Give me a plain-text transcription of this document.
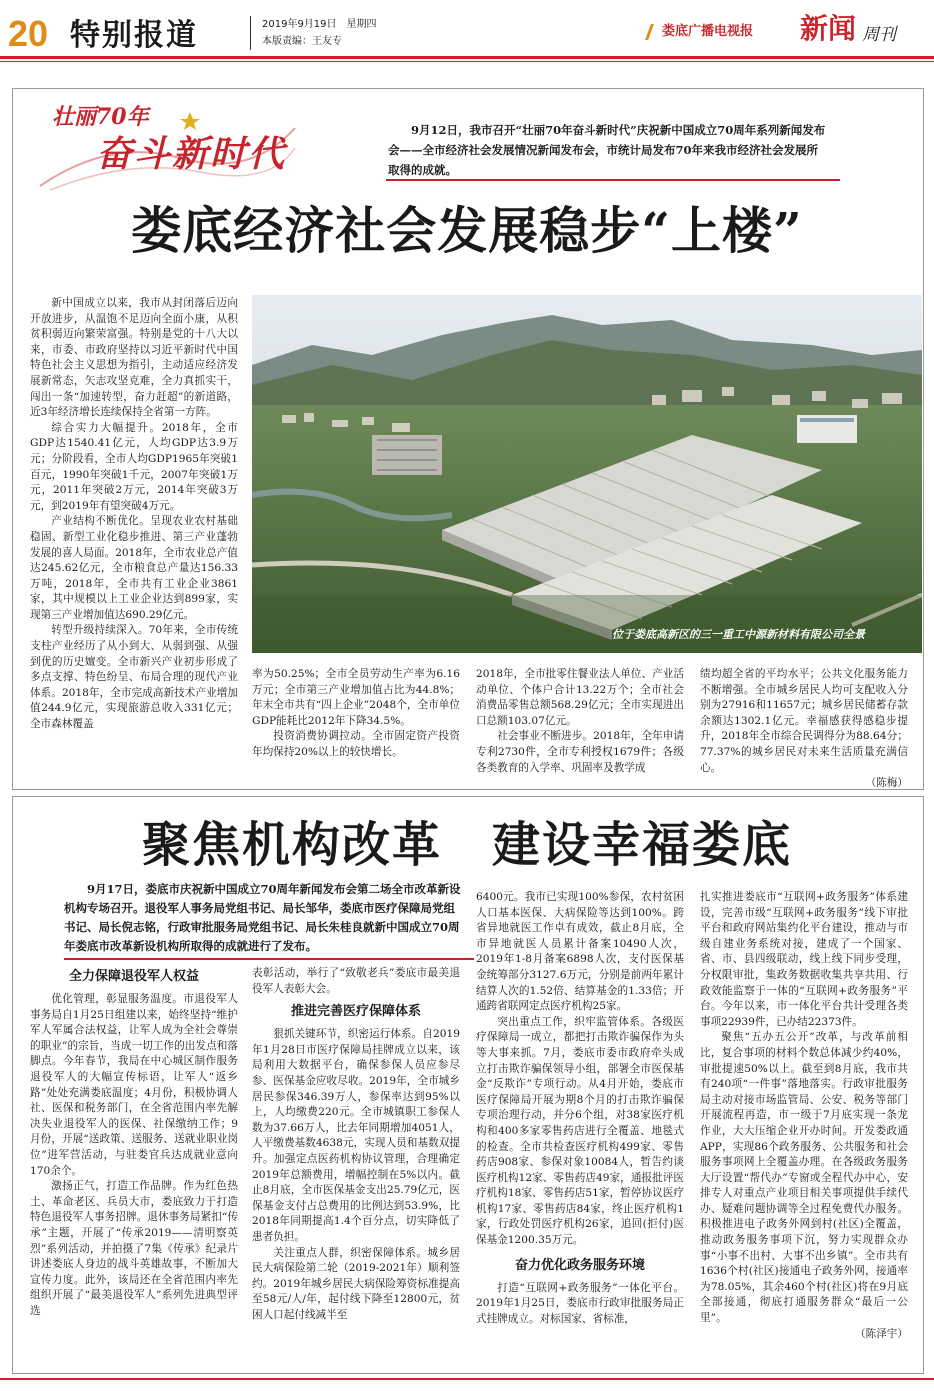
20 特别报道	2019年9月19日　星期四
本版责编：王友专
娄底广播电视报 新闻 周刊
壮丽70年
奋斗新时代
9月12日，我市召开“壮丽70年奋斗新时代”庆祝新中国成立70周年系列新闻发布会——全市经济社会发展情况新闻发布会，市统计局发布70年来我市经济社会发展所取得的成就。
娄底经济社会发展稳步“上楼”
位于娄底高新区的三一重工中源新材料有限公司全景

新中国成立以来，我市从封闭落后迈向开放进步，从温饱不足迈向全面小康，从积贫积弱迈向繁荣富强。特别是党的十八大以来，市委、市政府坚持以习近平新时代中国特色社会主义思想为指引，主动适应经济发展新常态，矢志攻坚克难，全力真抓实干，闯出一条“加速转型，奋力赶超”的新道路，近3年经济增长连续保持全省第一方阵。

综合实力大幅提升。2018年，全市GDP达1540.41亿元，人均GDP达3.9万元；分阶段看，全市人均GDP1965年突破1百元，1990年突破1千元，2007年突破1万元，2011年突破2万元，2014年突破3万元，到2019年有望突破4万元。

产业结构不断优化。呈现农业农村基础稳固、新型工业化稳步推进、第三产业蓬勃发展的喜人局面。2018年，全市农业总产值达245.62亿元，全市粮食总产量达156.33万吨，2018年，全市共有工业企业3861家，其中规模以上工业企业达到899家，实现第三产业增加值达690.29亿元。

转型升级持续深入。70年来，全市传统支柱产业经历了从小到大、从弱到强、从强到优的历史嬗变。全市新兴产业初步形成了多点支撑、特色纷呈、布局合理的现代产业体系。2018年，全市完成高新技术产业增加值244.9亿元，实现旅游总收入331亿元；全市森林覆盖

率为50.25%；全市全员劳动生产率为6.16万元；全市第三产业增加值占比为44.8%；年末全市共有“四上企业”2048个，全市单位GDP能耗比2012年下降34.5%。

投资消费协调拉动。全市固定资产投资年均保持20%以上的较快增长。

2018年，全市批零住餐业法人单位、产业活动单位、个体户合计13.22万个；全市社会消费品零售总额568.29亿元；全市实现进出口总额103.07亿元。

社会事业不断进步。2018年，全年申请专利2730件，全市专利授权1679件；各级各类教育的入学率、巩固率及教学成

绩均超全省的平均水平；公共文化服务能力不断增强。全市城乡居民人均可支配收入分别为27916和11657元；城乡居民储蓄存款余额达1302.1亿元。幸福感获得感稳步提升，2018年全市综合民调得分为88.64分；77.37%的城乡居民对未来生活质量充满信心。

（陈梅）

聚焦机构改革　建设幸福娄底
9月17日，娄底市庆祝新中国成立70周年新闻发布会第二场全市改革新设机构专场召开。退役军人事务局党组书记、局长邹华，娄底市医疗保障局党组书记、局长倪志铭，行政审批服务局党组书记、局长朱桂良就新中国成立70周年娄底市改革新设机构所取得的成就进行了发布。
全力保障退役军人权益

优化管理，彰显服务温度。市退役军人事务局自1月25日组建以来，始终坚持“维护军人军属合法权益，让军人成为全社会尊崇的职业”的宗旨，当成一切工作的出发点和落脚点。今年春节，我局在中心城区制作服务退役军人的大幅宣传标语，让军人“返乡路”处处充满娄底温度；4月份，积极协调人社、医保和税务部门，在全省范围内率先解决失业退役军人的医保、社保缴纳工作；9月份，开展“送政策、送服务、送就业职业岗位”进军营活动，与驻娄官兵达成就业意向170余个。

激扬正气，打造工作品牌。作为红色热土、革命老区、兵员大市，娄底致力于打造特色退役军人事务招牌。退休事务局紧扣“传承”主题，开展了“传承2019——清明察英烈”系列活动，并拍摄了7集《传承》纪录片讲述娄底人身边的战斗英雄故事，不断加大宣传力度。此外，该局还在全省范围内率先组织开展了“最美退役军人”系列先进典型评选

表彰活动，举行了“致敬老兵”娄底市最美退役军人表彰大会。

推进完善医疗保障体系

狠抓关键环节，织密运行体系。自2019年1月28日市医疗保障局挂牌成立以来，该局利用大数据平台，确保参保人员应参尽参、医保基金应收尽收。2019年，全市城乡居民参保346.39万人，参保率达到95%以上，人均缴费220元。全市城镇职工参保人数为37.66万人，比去年同期增加4051人，人平缴费基数4638元，实现人员和基数双提升。加强定点医药机构协议管理，合理确定2019年总额费用，增幅控制在5%以内。截止8月底，全市医保基金支出25.79亿元，医保基金支付占总费用的比例达到53.9%，比2018年同期提高1.4个百分点，切实降低了患者负担。

关注重点人群，织密保障体系。城乡居民大病保险第二轮（2019-2021年）顺利签约。2019年城乡居民大病保险筹资标准提高至58元/人/年，起付线下降至12800元，贫困人口起付线减半至

6400元。我市已实现100%参保，农村贫困人口基本医保、大病保险等达到100%。跨省异地就医工作卓有成效，截止8月底，全市异地就医人员累计备案10490人次，2019年1-8月备案6898人次，支付医保基金统筹部分3127.6万元，分别是前两年累计结算人次的1.52倍、结算基金的1.33倍；开通跨省联网定点医疗机构25家。

突出重点工作，织牢监管体系。各级医疗保障局一成立，都把打击欺诈骗保作为头等大事来抓。7月，娄底市委市政府牵头成立打击欺诈骗保领导小组，部署全市医保基金“反欺诈”专项行动。从4月开始，娄底市医疗保障局开展为期8个月的打击欺诈骗保专项治理行动，并分6个组，对38家医疗机构和400多家零售药店进行全覆盖、地毯式的检查。全市共检查医疗机构499家、零售药店908家、参保对象10084人，暂告约谈医疗机构12家、零售药店49家，通报批评医疗机构18家、零售药店51家，暂停协议医疗机构17家、零售药店84家，终止医疗机构1家，行政处罚医疗机构26家，追回(拒付)医保基金1200.35万元。

奋力优化政务服务环境

打造“互联网+政务服务”一体化平台。2019年1月25日，娄底市行政审批服务局正式挂牌成立。对标国家、省标准，

扎实推进娄底市“互联网+政务服务”体系建设，完善市级“互联网+政务服务”线下审批平台和政府网站集约化平台建设，推动与市级自建业务系统对接，建成了一个国家、省、市、县四级联动，线上线下同步受理，分权限审批，集政务数据收集共享共用、行政效能监察于一体的“互联网+政务服务”平台。今年以来，市一体化平台共计受理各类事项22939件，已办结22373件。

聚焦“五办五公开”改革，与改革前相比，复合事项的材料个数总体减少约40%，审批提速50%以上。截至到8月底，我市共有240项“一件事”落地落实。行政审批服务局主动对接市场监管局、公安、税务等部门开展流程再造，市一级于7月底实现一条龙作业，大大压缩企业开办时间。开发娄政通APP，实现86个政务服务、公共服务和社会服务事项网上全覆盖办理。在各级政务服务大厅设置“帮代办”专窗或全程代办中心，安排专人对重点产业项目相关事项提供手续代办、疑难问题协调等全过程免费代办服务。积极推进电子政务外网到村(社区)全覆盖，推动政务服务事项下沉，努力实现群众办事“小事不出村、大事不出乡镇”。全市共有1636个村(社区)接通电子政务外网，接通率为78.05%，其余460个村(社区)将在9月底全部接通，彻底打通服务群众“最后一公里”。

（陈泽宇）
